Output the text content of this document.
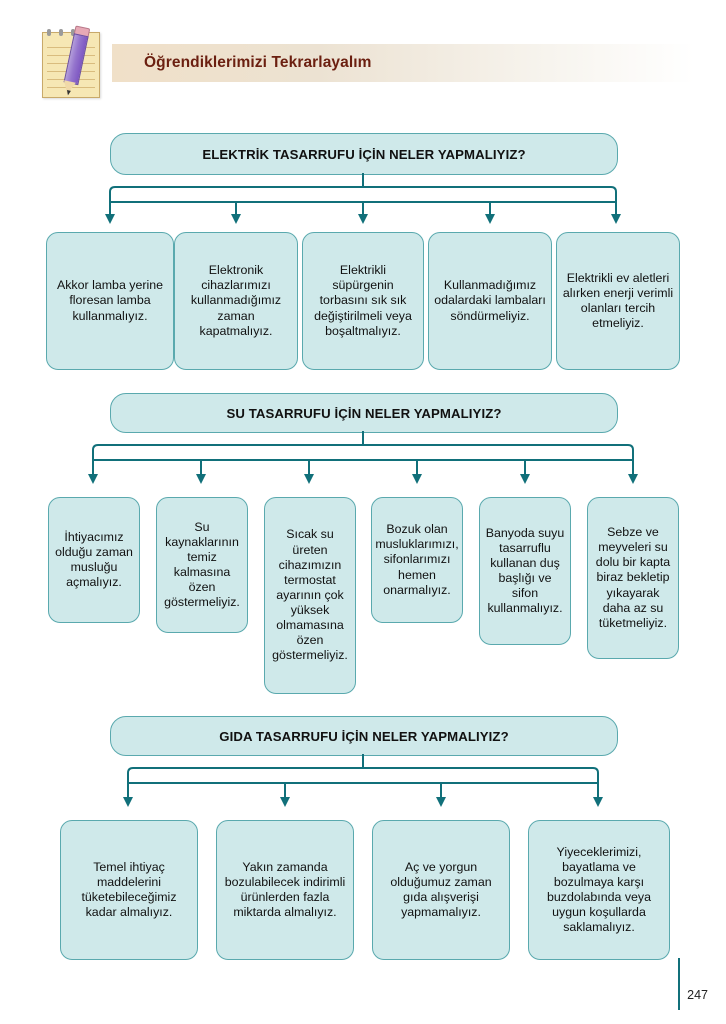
Öğrendiklerimizi Tekrarlayalım
ELEKTRİK TASARRUFU İÇİN NELER YAPMALIYIZ?
Akkor lamba yerine floresan lamba kullanmalıyız.
Elektronik cihazlarımızı kullanmadığımız zaman kapatmalıyız.
Elektrikli süpürgenin torbasını sık sık değiştirilmeli veya boşaltmalıyız.
Kullanmadığımız odalardaki lambaları söndürmeliyiz.
Elektrikli ev aletleri alırken enerji verimli olanları tercih etmeliyiz.
SU TASARRUFU İÇİN NELER YAPMALIYIZ?
İhtiyacımız olduğu zaman musluğu açmalıyız.
Su kaynaklarının temiz kalmasına özen göstermeliyiz.
Sıcak su üreten cihazımızın termostat ayarının çok yüksek olmamasına özen göstermeliyiz.
Bozuk olan musluklarımızı, sifonlarımızı hemen onarmalıyız.
Banyoda suyu tasarruflu kullanan duş başlığı ve sifon kullanmalıyız.
Sebze ve meyveleri su dolu bir kapta biraz bekletip yıkayarak daha az su tüketmeliyiz.
GIDA TASARRUFU İÇİN NELER YAPMALIYIZ?
Temel ihtiyaç maddelerini tüketebileceğimiz kadar almalıyız.
Yakın zamanda bozulabilecek indirimli ürünlerden fazla miktarda almalıyız.
Aç ve yorgun olduğumuz zaman gıda alışverişi yapmamalıyız.
Yiyeceklerimizi, bayatlama ve bozulmaya karşı buzdolabında veya uygun koşullarda saklamalıyız.
247
